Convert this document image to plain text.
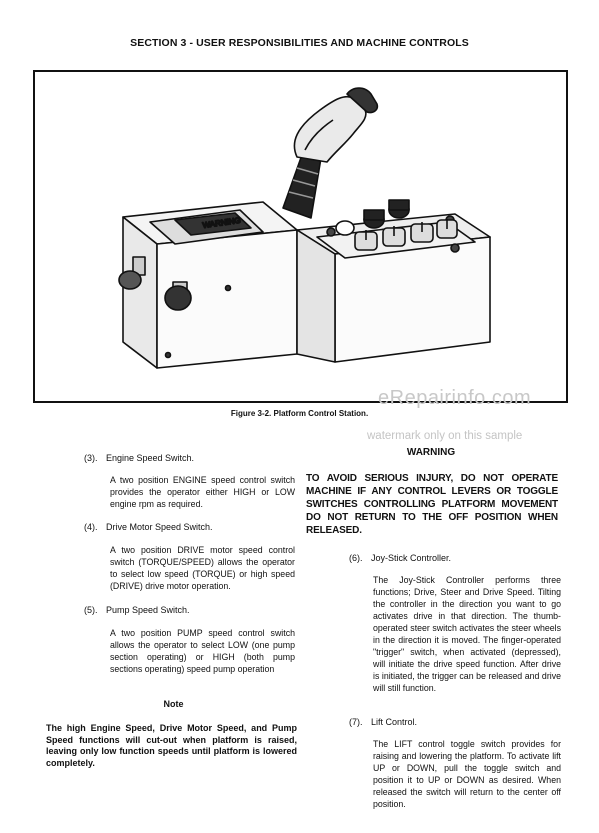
SECTION 3 - USER RESPONSIBILITIES AND MACHINE CONTROLS
WARNING
Figure 3-2. Platform Control Station.
eRepairinfo.com
watermark only on this sample
(3). Engine Speed Switch.
A two position ENGINE speed control switch provides the operator either HIGH or LOW engine rpm as required.
(4). Drive Motor Speed Switch.
A two position DRIVE motor speed control switch (TORQUE/SPEED) allows the operator to select low speed (TORQUE) or high speed (DRIVE) drive motor operation.
(5). Pump Speed Switch.
A two position PUMP speed control switch allows the operator to select LOW (one pump section operating) or HIGH (both pump sections operating) speed pump operation
Note
The high Engine Speed, Drive Motor Speed, and Pump Speed functions will cut-out when platform is raised, leaving only low function speeds until platform is lowered completely.
WARNING
TO AVOID SERIOUS INJURY, DO NOT OPERATE MACHINE IF ANY CONTROL LEVERS OR TOGGLE SWITCHES CONTROLLING PLATFORM MOVEMENT DO NOT RETURN TO THE OFF POSITION WHEN RELEASED.
(6). Joy-Stick Controller.
The Joy-Stick Controller performs three functions; Drive, Steer and Drive Speed. Tilting the controller in the direction you want to go activates drive in that direction. The thumb-operated steer switch activates the steer wheels in the direction it is moved. The finger-operated "trigger" switch, when activated (depressed), will initiate the drive speed function. After drive is initiated, the trigger can be released and drive will still function.
(7). Lift Control.
The LIFT control toggle switch provides for raising and lowering the platform. To activate lift UP or DOWN, pull the toggle switch and position it to UP or DOWN as desired. When released the switch will return to the center off position.
